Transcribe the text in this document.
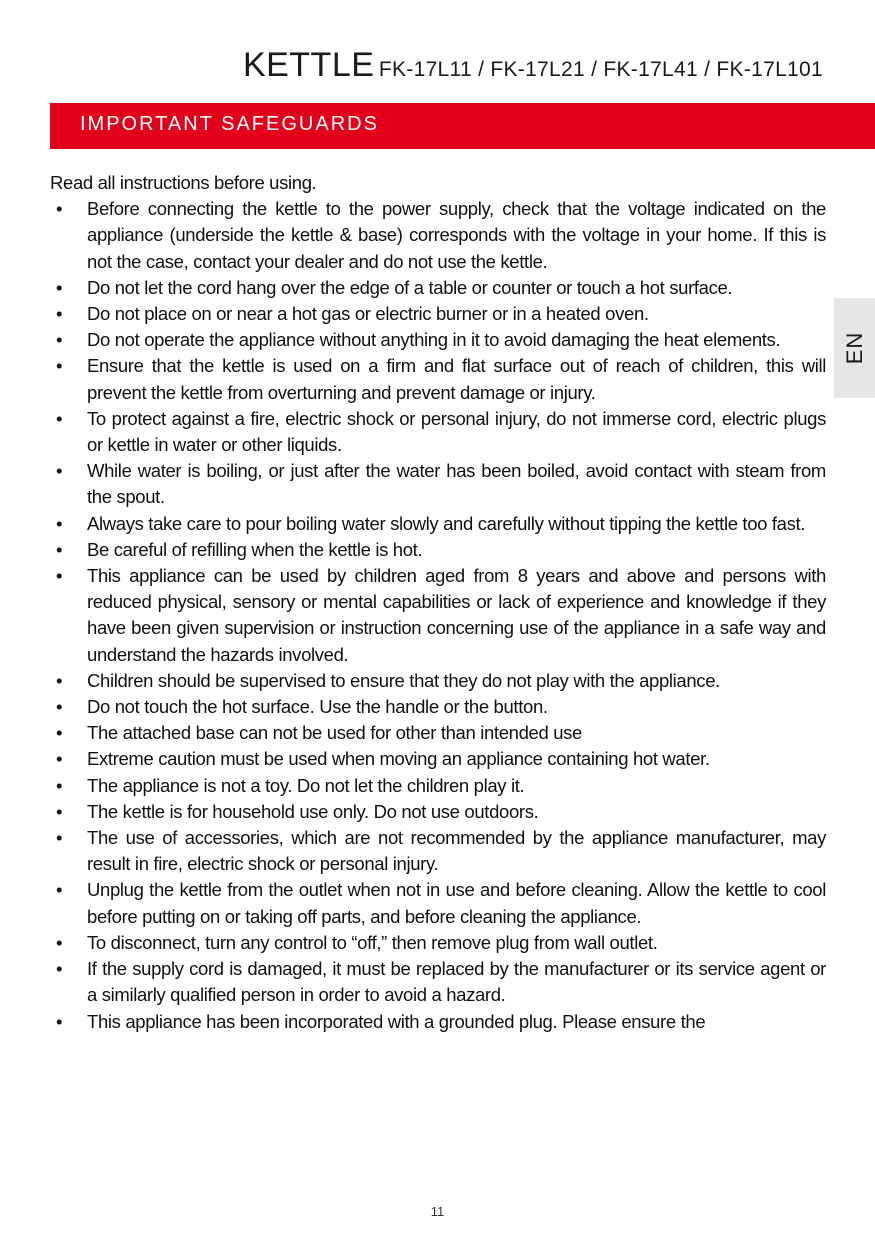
KETTLE FK-17L11 / FK-17L21 / FK-17L41 / FK-17L101
IMPORTANT SAFEGUARDS
EN

Read all instructions before using.

• Before connecting the kettle to the power supply, check that the voltage indicated on the appliance (underside the kettle & base) corresponds with the voltage in your home. If this is not the case, contact your dealer and do not use the kettle.
• Do not let the cord hang over the edge of a table or counter or touch a hot surface.
• Do not place on or near a hot gas or electric burner or in a heated oven.
• Do not operate the appliance without anything in it to avoid damaging the heat elements.
• Ensure that the kettle is used on a firm and flat surface out of reach of children, this will prevent the kettle from overturning and prevent damage or injury.
• To protect against a fire, electric shock or personal injury, do not immerse cord, electric plugs or kettle in water or other liquids.
• While water is boiling, or just after the water has been boiled, avoid contact with steam from the spout.
• Always take care to pour boiling water slowly and carefully without tipping the kettle too fast.
• Be careful of refilling when the kettle is hot.
• This appliance can be used by children aged from 8 years and above and persons with reduced physical, sensory or mental capabilities or lack of experience and knowledge if they have been given supervision or instruction concerning use of the appliance in a safe way and understand the hazards involved.
• Children should be supervised to ensure that they do not play with the appliance.
• Do not touch the hot surface. Use the handle or the button.
• The attached base can not be used for other than intended use
• Extreme caution must be used when moving an appliance containing hot water.
• The appliance is not a toy. Do not let the children play it.
• The kettle is for household use only. Do not use outdoors.
• The use of accessories, which are not recommended by the appliance manufacturer, may result in fire, electric shock or personal injury.
• Unplug the kettle from the outlet when not in use and before cleaning. Allow the kettle to cool before putting on or taking off parts, and before cleaning the appliance.
• To disconnect, turn any control to “off,” then remove plug from wall outlet.
• If the supply cord is damaged, it must be replaced by the manufacturer or its service agent or a similarly qualified person in order to avoid a hazard.
• This appliance has been incorporated with a grounded plug. Please ensure the
11
